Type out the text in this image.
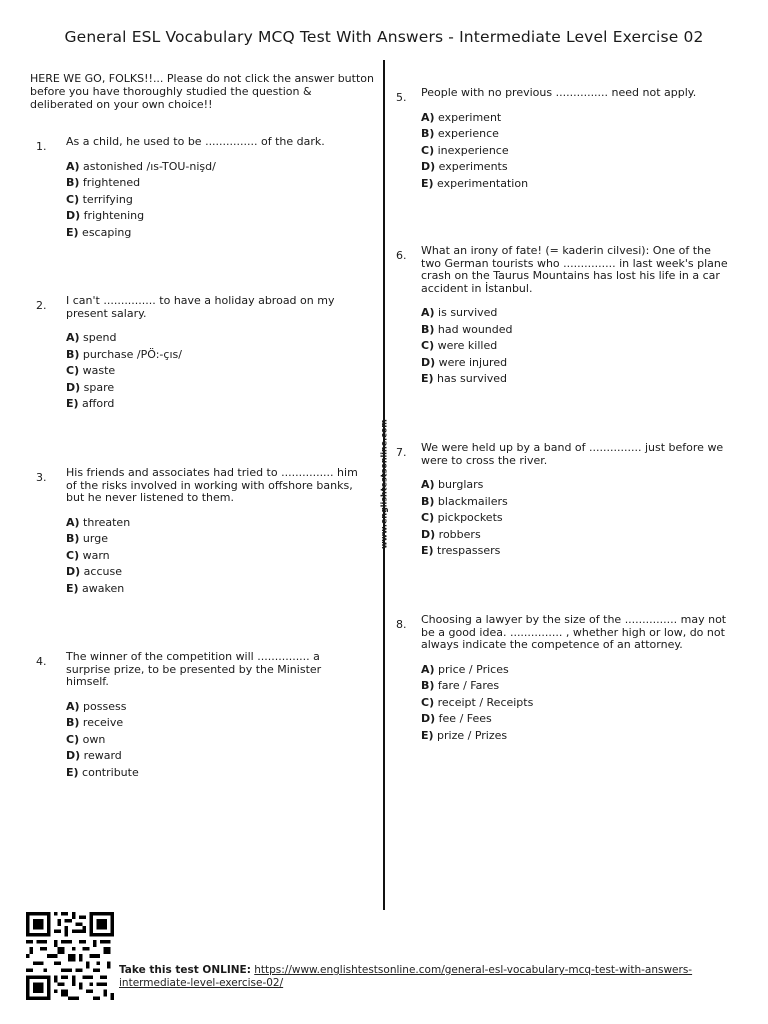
General ESL Vocabulary MCQ Test With Answers - Intermediate Level Exercise 02
HERE WE GO, FOLKS!!... Please do not click the answer button before you have thoroughly studied the question & deliberated on your own choice!!
www.englishtestsonline.com
1.	As a child, he used to be ............... of the dark.
A) astonished /ıs-TOU-nişd/
B) frightened
C) terrifying
D) frightening
E) escaping
2.	I can't ............... to have a holiday abroad on my present salary.
A) spend
B) purchase /PÖ:-çıs/
C) waste
D) spare
E) afford
3.	His friends and associates had tried to ............... him of the risks involved in working with offshore banks, but he never listened to them.
A) threaten
B) urge
C) warn
D) accuse
E) awaken
4.	The winner of the competition will ............... a surprise prize, to be presented by the Minister himself.
A) possess
B) receive
C) own
D) reward
E) contribute
5.	People with no previous ............... need not apply.
A) experiment
B) experience
C) inexperience
D) experiments
E) experimentation
6.	What an irony of fate! (= kaderin cilvesi): One of the two German tourists who ............... in last week's plane crash on the Taurus Mountains has lost his life in a car accident in İstanbul.
A) is survived
B) had wounded
C) were killed
D) were injured
E) has survived
7.	We were held up by a band of ............... just before we were to cross the river.
A) burglars
B) blackmailers
C) pickpockets
D) robbers
E) trespassers
8.	Choosing a lawyer by the size of the ............... may not be a good idea. ............... , whether high or low, do not always indicate the competence of an attorney.
A) price / Prices
B) fare / Fares
C) receipt / Receipts
D) fee / Fees
E) prize / Prizes
Take this test ONLINE: https://www.englishtestsonline.com/general-esl-vocabulary-mcq-test-with-answers-intermediate-level-exercise-02/
